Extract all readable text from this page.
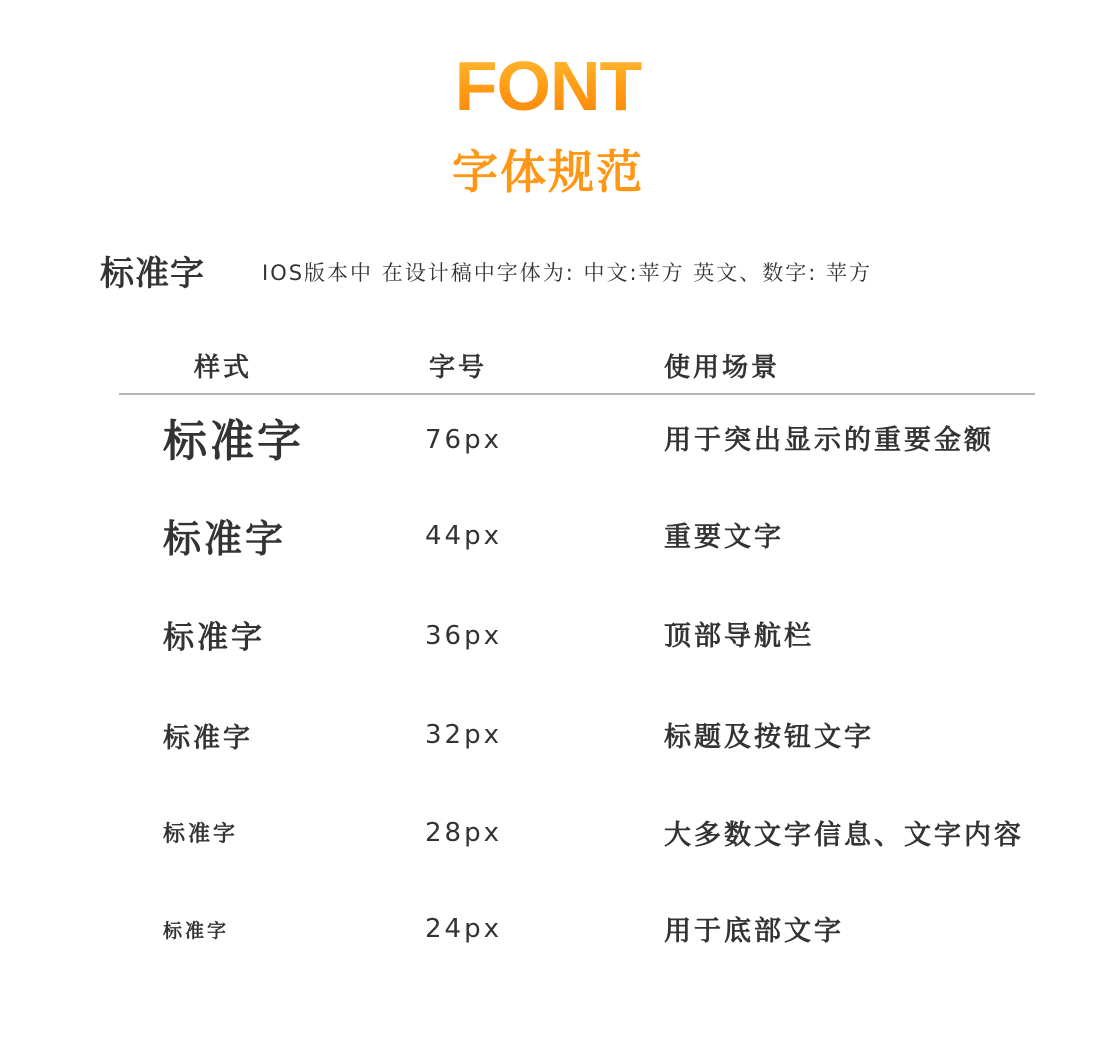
FONT
字体规范
标准字	IOS版本中 在设计稿中字体为: 中文:苹方 英文、数字: 苹方
样式	字号	使用场景
标准字	76px	用于突出显示的重要金额
标准字	44px	重要文字
标准字	36px	顶部导航栏
标准字	32px	标题及按钮文字
标准字	28px	大多数文字信息、文字内容
标准字	24px	用于底部文字
